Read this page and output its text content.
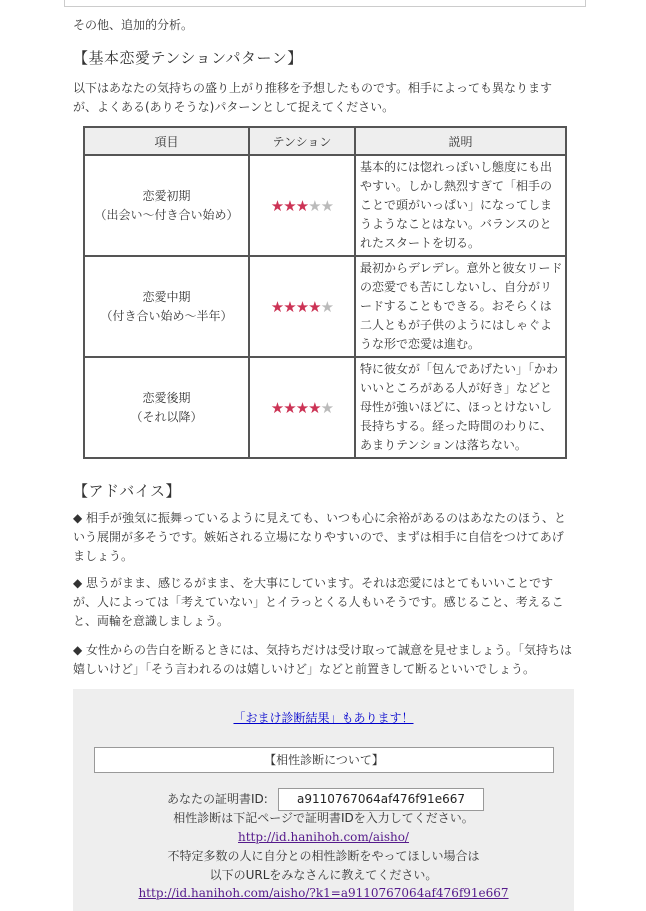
その他、追加的分析。
【基本恋愛テンションパターン】
以下はあなたの気持ちの盛り上がり推移を予想したものです。相手によっても異なりますが、よくある(ありそうな)パターンとして捉えてください。
項目	テンション	説明

恋愛初期
（出会い～付き合い始め）	★★★★★	基本的には惚れっぽいし態度にも出やすい。しかし熱烈すぎて「相手のことで頭がいっぱい」になってしまうようなことはない。バランスのとれたスタートを切る。

恋愛中期
（付き合い始め～半年）	★★★★★	最初からデレデレ。意外と彼女リードの恋愛でも苦にしないし、自分がリードすることもできる。おそらくは二人ともが子供のようにはしゃぐような形で恋愛は進む。

恋愛後期
（それ以降）	★★★★★	特に彼女が「包んであげたい」「かわいいところがある人が好き」などと母性が強いほどに、ほっとけないし長持ちする。経った時間のわりに、あまりテンションは落ちない。
【アドバイス】
◆ 相手が強気に振舞っているように見えても、いつも心に余裕があるのはあなたのほう、という展開が多そうです。嫉妬される立場になりやすいので、まずは相手に自信をつけてあげましょう。
◆ 思うがまま、感じるがまま、を大事にしています。それは恋愛にはとてもいいことですが、人によっては「考えていない」とイラっとくる人もいそうです。感じること、考えること、両輪を意識しましょう。
◆ 女性からの告白を断るときには、気持ちだけは受け取って誠意を見せましょう。「気持ちは嬉しいけど」「そう言われるのは嬉しいけど」などと前置きして断るといいでしょう。
「おまけ診断結果」もあります！
【相性診断について】
あなたの証明書ID:
a9110767064af476f91e667
相性診断は下記ページで証明書IDを入力してください。
http://id.hanihoh.com/aisho/
不特定多数の人に自分との相性診断をやってほしい場合は
以下のURLをみなさんに教えてください。
http://id.hanihoh.com/aisho/?k1=a9110767064af476f91e667
